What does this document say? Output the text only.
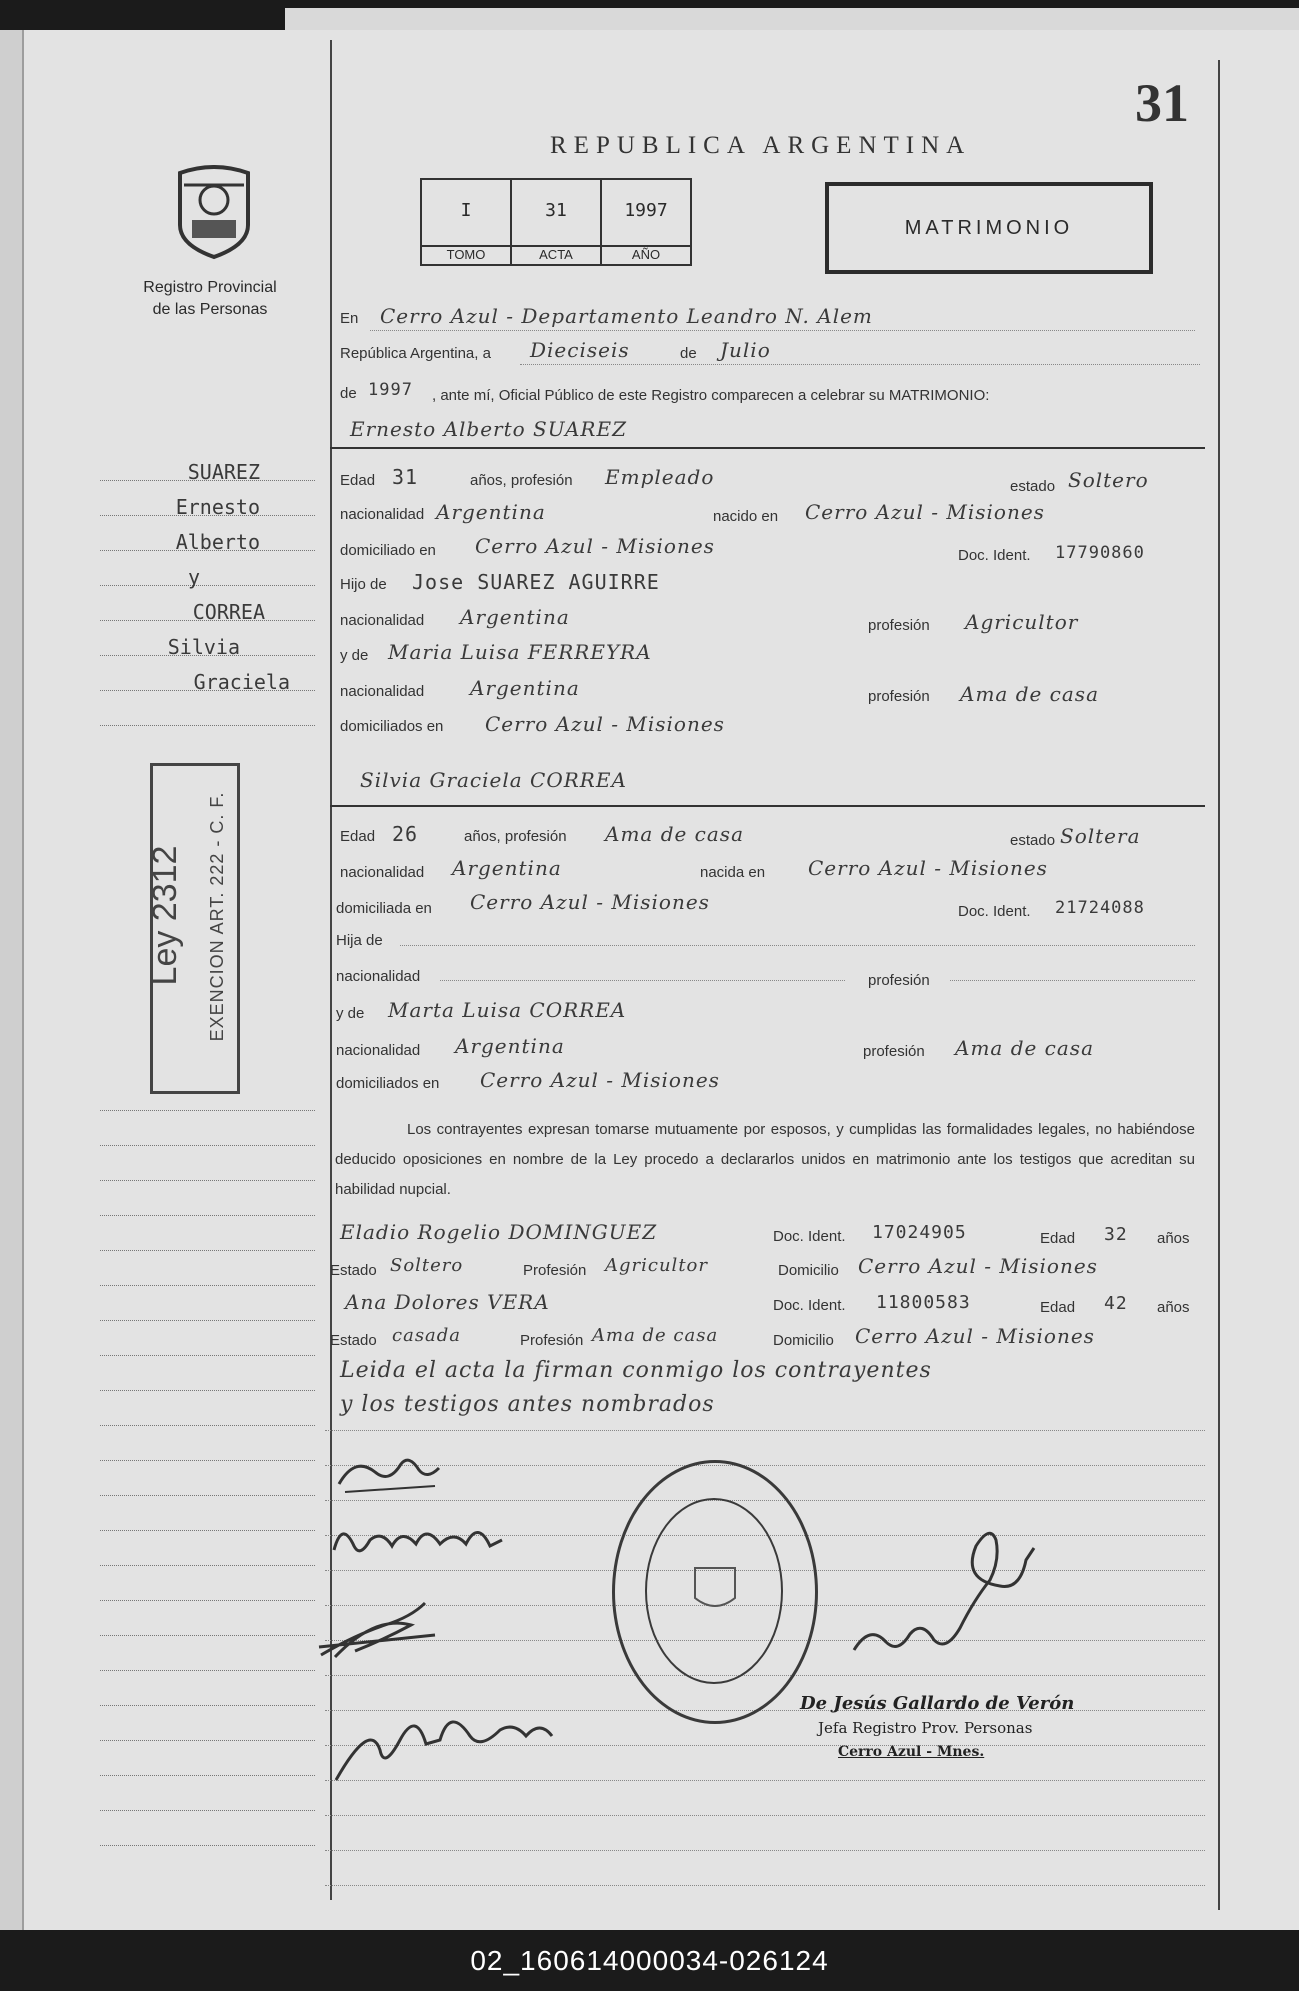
31
REPUBLICA ARGENTINA
Registro Provincial
de las Personas
I
TOMO
31
ACTA
1997
AÑO
MATRIMONIO
En Cerro Azul - Departamento Leandro N. Alem
República Argentina, a Dieciseis	de Julio
de 1997 , ante mí, Oficial Público de este Registro comparecen a celebrar su MATRIMONIO:
SUAREZ
Ernesto
Alberto
y
CORREA
Silvia
Graciela
Ley 2312 EXENCION ART. 222 - C. F.
Ernesto Alberto SUAREZ
Edad 31	años, profesión Empleado	estado Soltero
nacionalidad Argentina	nacido en Cerro Azul - Misiones
domiciliado en Cerro Azul - Misiones	Doc. Ident. 17790860
Hijo de Jose SUAREZ AGUIRRE
nacionalidad Argentina	profesión Agricultor
y de Maria Luisa FERREYRA
nacionalidad Argentina	profesión Ama de casa
domiciliados en Cerro Azul - Misiones
Silvia Graciela CORREA
Edad 26	años, profesión Ama de casa	estado Soltera
nacionalidad Argentina	nacida en Cerro Azul - Misiones
domiciliada en Cerro Azul - Misiones	Doc. Ident. 21724088
Hija de
nacionalidad	profesión
y de Marta Luisa CORREA
nacionalidad Argentina	profesión Ama de casa
domiciliados en Cerro Azul - Misiones
Los contrayentes expresan tomarse mutuamente por esposos, y cumplidas las formalidades legales, no habiéndose deducido oposiciones en nombre de la Ley procedo a declararlos unidos en matrimonio ante los testigos que acreditan su habilidad nupcial.
Eladio Rogelio DOMINGUEZ	Doc. Ident. 17024905	Edad 32 años
Estado Soltero	Profesión Agricultor	Domicilio Cerro Azul - Misiones
Ana Dolores VERA	Doc. Ident. 11800583	Edad 42 años
Estado casada	Profesión Ama de casa	Domicilio Cerro Azul - Misiones
Leida el acta la firman conmigo los contrayentes
y los testigos antes nombrados
De Jesús Gallardo de Verón
Jefa Registro Prov. Personas
Cerro Azul - Mnes.
02_160614000034-026124
